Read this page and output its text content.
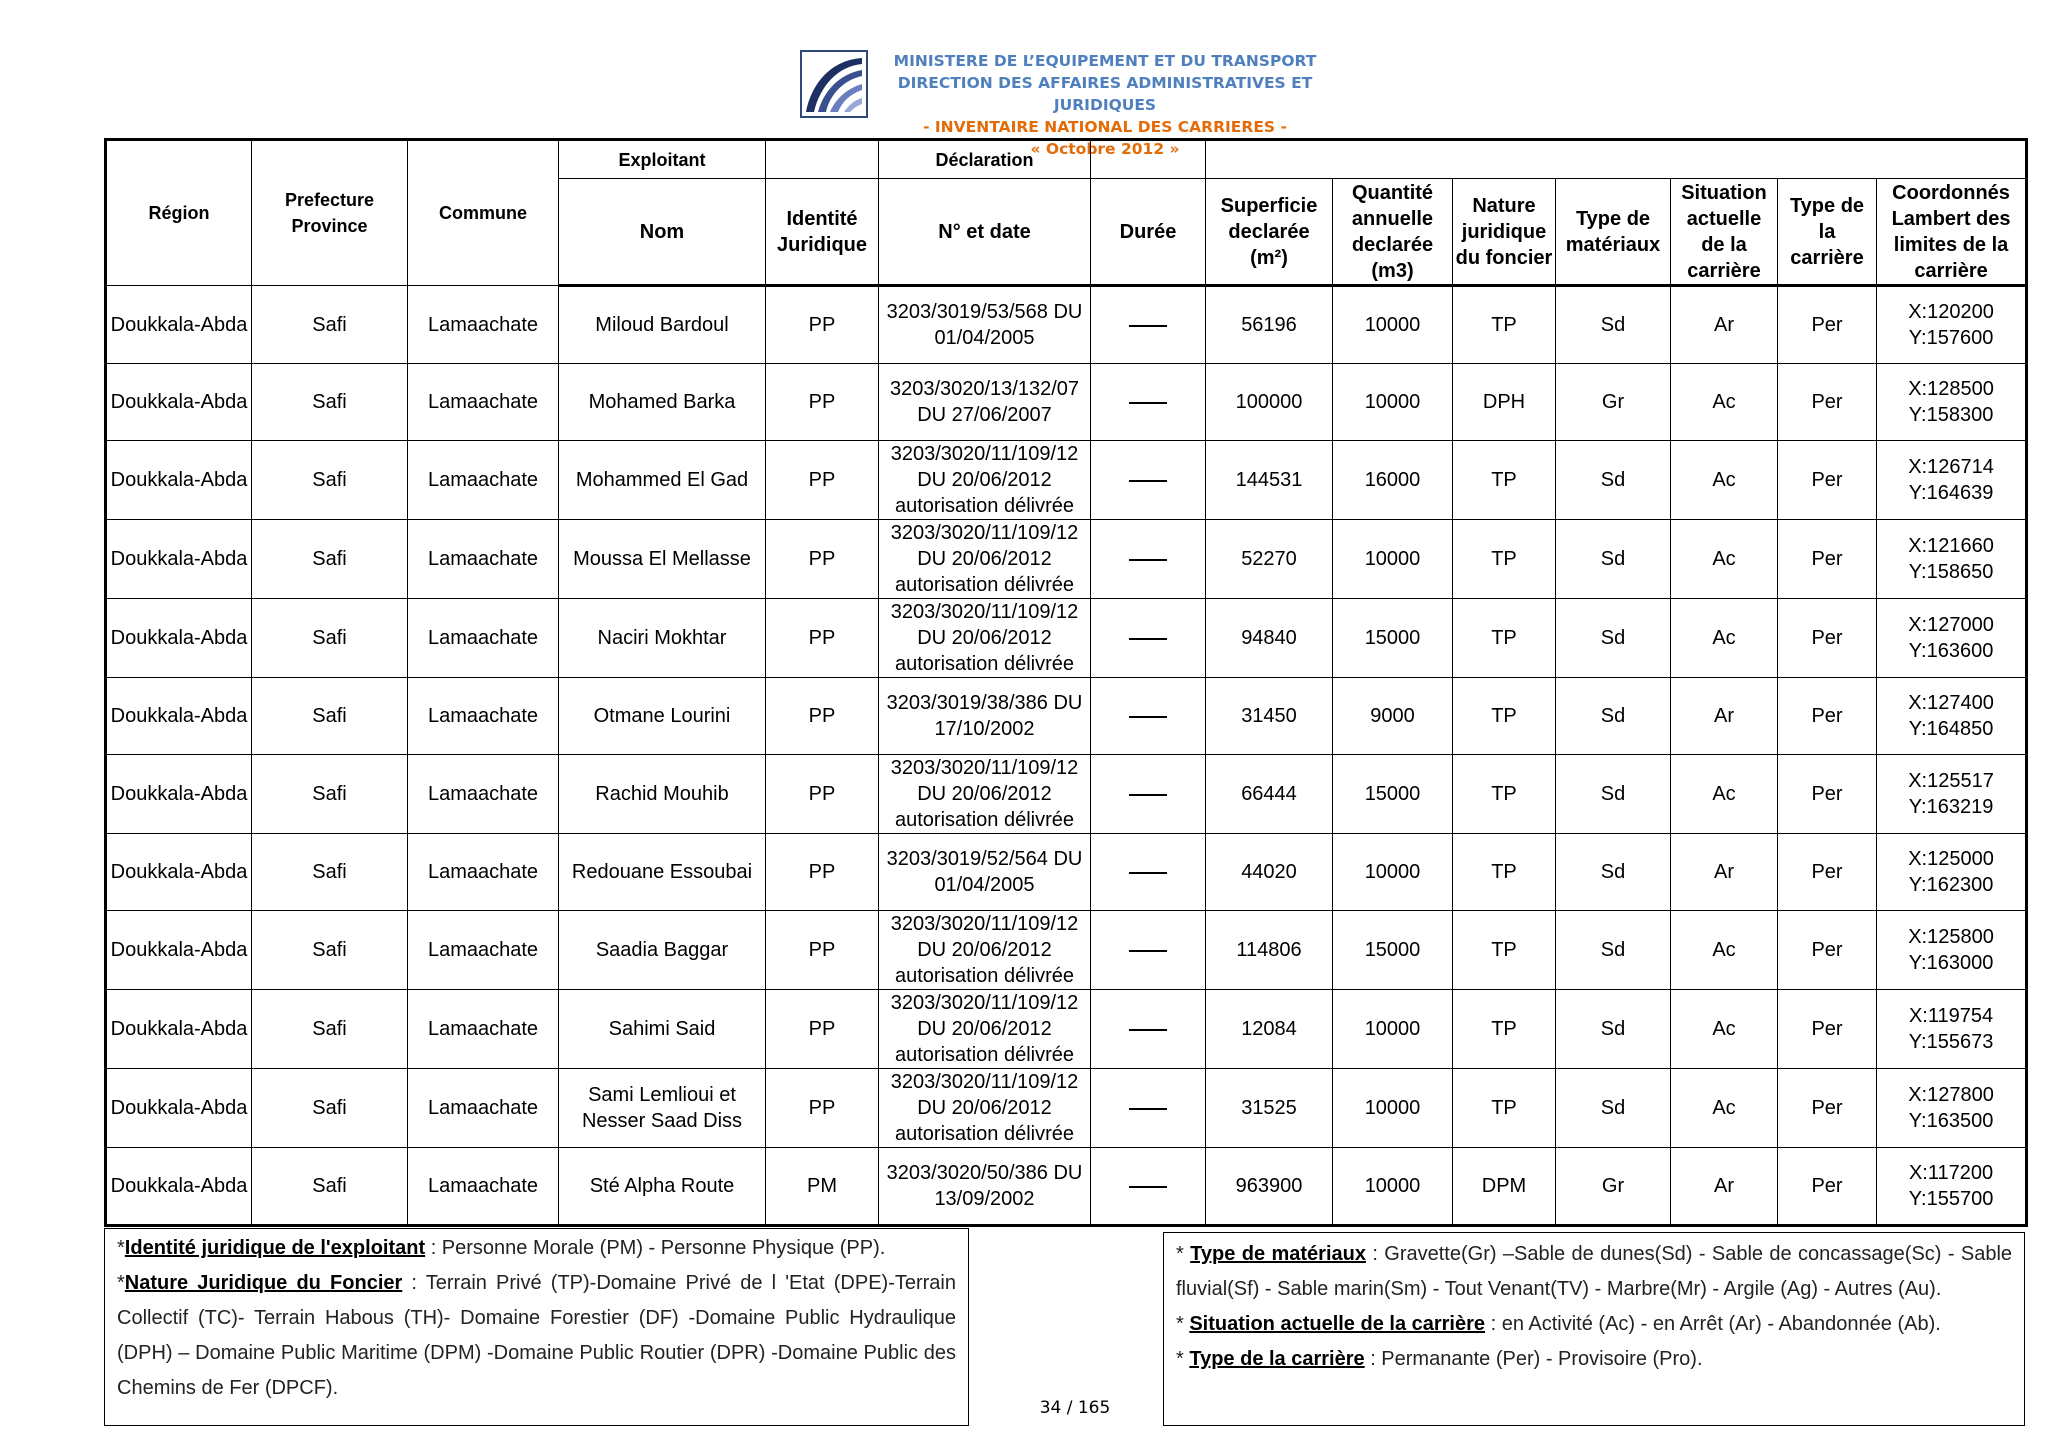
MINISTERE DE L’EQUIPEMENT ET DU TRANSPORT
DIRECTION DES AFFAIRES ADMINISTRATIVES ET JURIDIQUES
- INVENTAIRE NATIONAL DES CARRIERES -
« Octobre 2012 »
Région	Prefecture Province	Commune	Exploitant		Déclaration								
			Nom	Identité Juridique	N° et date	Durée	Superficie declarée (m²)	Quantité annuelle declarée (m3)	Nature juridique du foncier	Type de matériaux	Situation actuelle de la carrière	Type de la carrière	Coordonnés Lambert des limites de la carrière
Doukkala-Abda	Safi	Lamaachate	Miloud Bardoul	PP	3203/3019/53/568 DU 01/04/2005		56196	10000	TP	Sd	Ar	Per	X:120200
Y:157600

Doukkala-Abda	Safi	Lamaachate	Mohamed Barka	PP	3203/3020/13/132/07 DU 27/06/2007		100000	10000	DPH	Gr	Ac	Per	X:128500
Y:158300

Doukkala-Abda	Safi	Lamaachate	Mohammed El Gad	PP	3203/3020/11/109/12 DU 20/06/2012 autorisation délivrée		144531	16000	TP	Sd	Ac	Per	X:126714
Y:164639

Doukkala-Abda	Safi	Lamaachate	Moussa El Mellasse	PP	3203/3020/11/109/12 DU 20/06/2012 autorisation délivrée		52270	10000	TP	Sd	Ac	Per	X:121660
Y:158650

Doukkala-Abda	Safi	Lamaachate	Naciri Mokhtar	PP	3203/3020/11/109/12 DU 20/06/2012 autorisation délivrée		94840	15000	TP	Sd	Ac	Per	X:127000
Y:163600

Doukkala-Abda	Safi	Lamaachate	Otmane Lourini	PP	3203/3019/38/386 DU 17/10/2002		31450	9000	TP	Sd	Ar	Per	X:127400
Y:164850

Doukkala-Abda	Safi	Lamaachate	Rachid Mouhib	PP	3203/3020/11/109/12 DU 20/06/2012 autorisation délivrée		66444	15000	TP	Sd	Ac	Per	X:125517
Y:163219

Doukkala-Abda	Safi	Lamaachate	Redouane Essoubai	PP	3203/3019/52/564 DU 01/04/2005		44020	10000	TP	Sd	Ar	Per	X:125000
Y:162300

Doukkala-Abda	Safi	Lamaachate	Saadia Baggar	PP	3203/3020/11/109/12 DU 20/06/2012 autorisation délivrée		114806	15000	TP	Sd	Ac	Per	X:125800
Y:163000

Doukkala-Abda	Safi	Lamaachate	Sahimi Said	PP	3203/3020/11/109/12 DU 20/06/2012 autorisation délivrée		12084	10000	TP	Sd	Ac	Per	X:119754
Y:155673

Doukkala-Abda	Safi	Lamaachate	Sami Lemlioui et Nesser Saad Diss	PP	3203/3020/11/109/12 DU 20/06/2012 autorisation délivrée		31525	10000	TP	Sd	Ac	Per	X:127800
Y:163500

Doukkala-Abda	Safi	Lamaachate	Sté Alpha Route	PM	3203/3020/50/386 DU 13/09/2002		963900	10000	DPM	Gr	Ar	Per	X:117200
Y:155700

*Identité juridique de l'exploitant : Personne Morale (PM) - Personne Physique (PP).

*Nature Juridique du Foncier : Terrain Privé (TP)-Domaine Privé de l 'Etat (DPE)-Terrain Collectif (TC)- Terrain Habous (TH)- Domaine Forestier (DF) -Domaine Public Hydraulique (DPH) – Domaine Public Maritime (DPM) -Domaine Public Routier (DPR) -Domaine Public des Chemins de Fer (DPCF).

* Type de matériaux : Gravette(Gr) –Sable de dunes(Sd) - Sable de concassage(Sc) - Sable fluvial(Sf) - Sable marin(Sm) - Tout Venant(TV) - Marbre(Mr) - Argile (Ag) - Autres (Au).

* Situation actuelle de la carrière : en Activité (Ac) - en Arrêt (Ar) - Abandonnée (Ab).

* Type de la carrière : Permanante (Per) - Provisoire (Pro).

34 / 165
